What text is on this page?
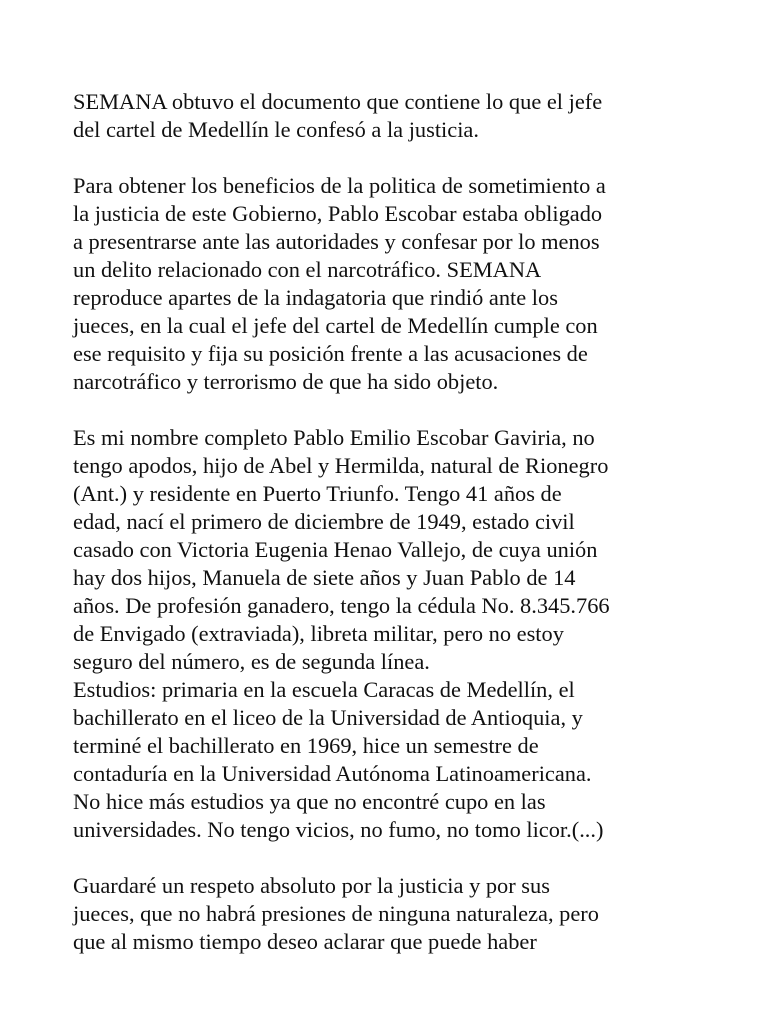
SEMANA obtuvo el documento que contiene lo que el jefe
del cartel de Medellín le confesó a la justicia.

Para obtener los beneficios de la politica de sometimiento a
la justicia de este Gobierno, Pablo Escobar estaba obligado
a presentrarse ante las autoridades y confesar por lo menos
un delito relacionado con el narcotráfico. SEMANA
reproduce apartes de la indagatoria que rindió ante los
jueces, en la cual el jefe del cartel de Medellín cumple con
ese requisito y fija su posición frente a las acusaciones de
narcotráfico y terrorismo de que ha sido objeto.

Es mi nombre completo Pablo Emilio Escobar Gaviria, no
tengo apodos, hijo de Abel y Hermilda, natural de Rionegro
(Ant.) y residente en Puerto Triunfo. Tengo 41 años de
edad, nací el primero de diciembre de 1949, estado civil
casado con Victoria Eugenia Henao Vallejo, de cuya unión
hay dos hijos, Manuela de siete años y Juan Pablo de 14
años. De profesión ganadero, tengo la cédula No. 8.345.766
de Envigado (extraviada), libreta militar, pero no estoy
seguro del número, es de segunda línea.
Estudios: primaria en la escuela Caracas de Medellín, el
bachillerato en el liceo de la Universidad de Antioquia, y
terminé el bachillerato en 1969, hice un semestre de
contaduría en la Universidad Autónoma Latinoamericana.
No hice más estudios ya que no encontré cupo en las
universidades. No tengo vicios, no fumo, no tomo licor.(...)

Guardaré un respeto absoluto por la justicia y por sus
jueces, que no habrá presiones de ninguna naturaleza, pero
que al mismo tiempo deseo aclarar que puede haber
